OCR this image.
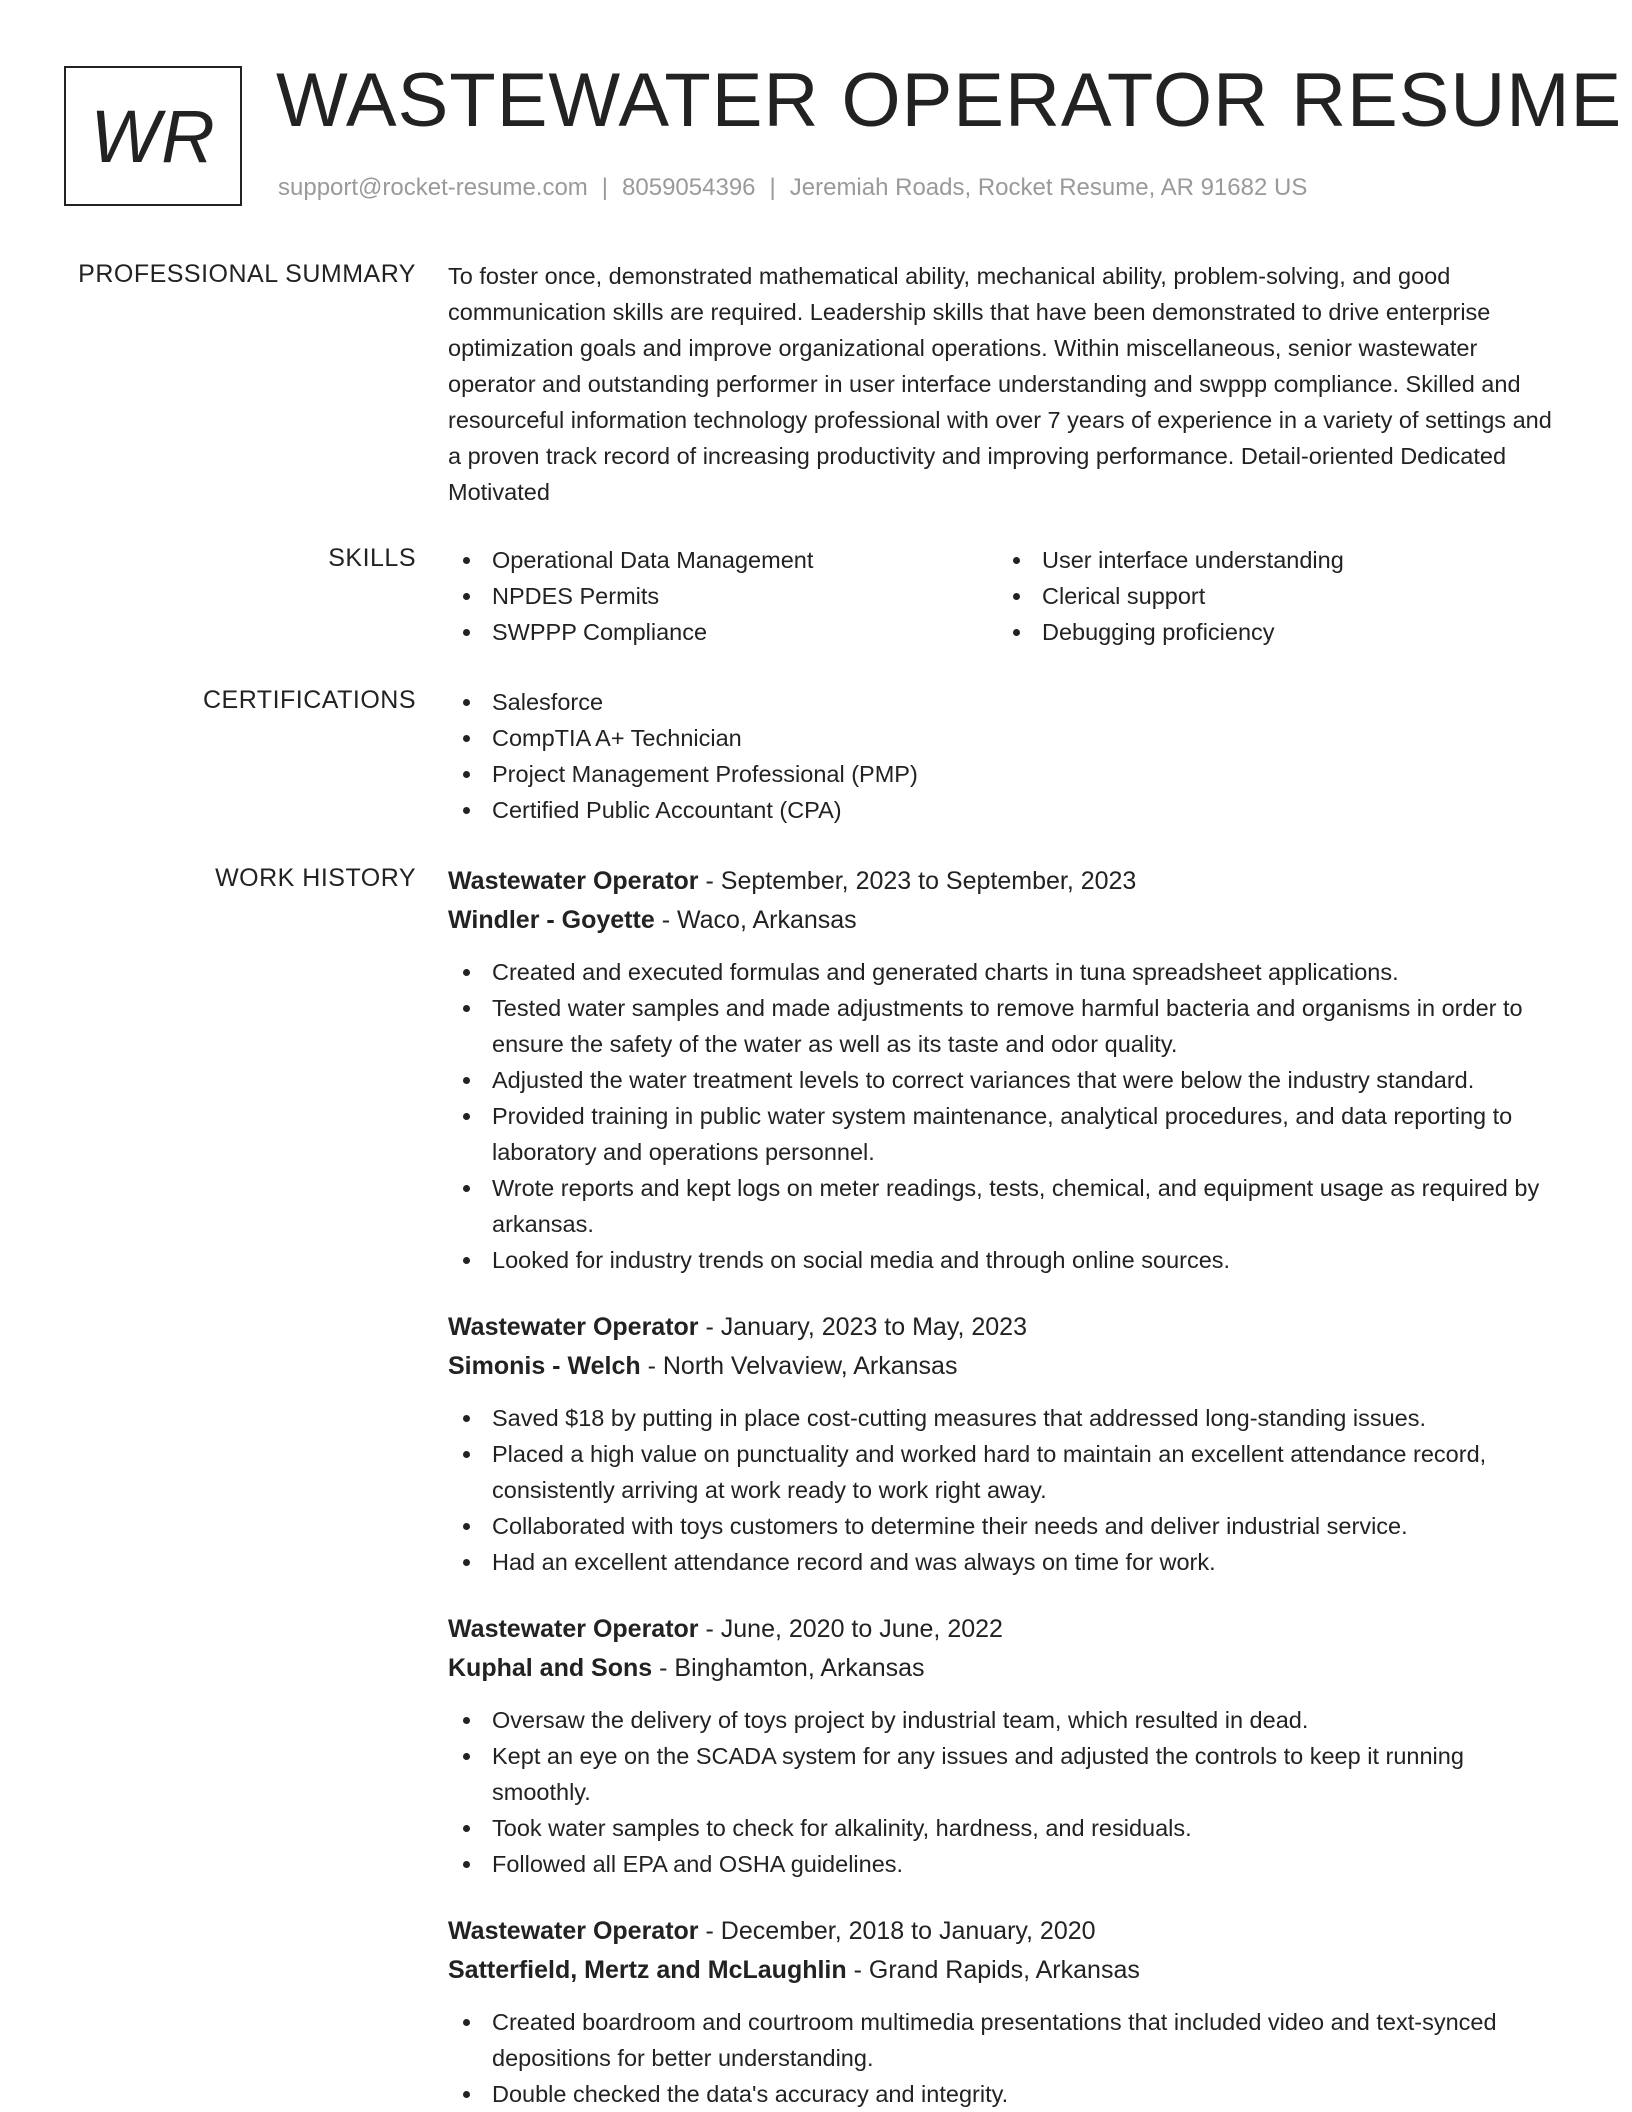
WR WASTEWATER OPERATOR RESUME
support@rocket-resume.com | 8059054396 | Jeremiah Roads, Rocket Resume, AR 91682 US
PROFESSIONAL SUMMARY To foster once, demonstrated mathematical ability, mechanical ability, problem-solving, and good communication skills are required. Leadership skills that have been demonstrated to drive enterprise optimization goals and improve organizational operations. Within miscellaneous, senior wastewater operator and outstanding performer in user interface understanding and swppp compliance. Skilled and resourceful information technology professional with over 7 years of experience in a variety of settings and a proven track record of increasing productivity and improving performance. Detail-oriented Dedicated Motivated

SKILLS	Operational Data Management
NPDES Permits
SWPPP Compliance
User interface understanding
Clerical support
Debugging proficiency
CERTIFICATIONS	Salesforce
CompTIA A+ Technician
Project Management Professional (PMP)
Certified Public Accountant (CPA)
WORK HISTORY Wastewater Operator - September, 2023 to September, 2023
Windler - Goyette - Waco, Arkansas
Created and executed formulas and generated charts in tuna spreadsheet applications.
Tested water samples and made adjustments to remove harmful bacteria and organisms in order to ensure the safety of the water as well as its taste and odor quality.
Adjusted the water treatment levels to correct variances that were below the industry standard.
Provided training in public water system maintenance, analytical procedures, and data reporting to laboratory and operations personnel.
Wrote reports and kept logs on meter readings, tests, chemical, and equipment usage as required by arkansas.
Looked for industry trends on social media and through online sources.
Wastewater Operator - January, 2023 to May, 2023
Simonis - Welch - North Velvaview, Arkansas
Saved $18 by putting in place cost-cutting measures that addressed long-standing issues.
Placed a high value on punctuality and worked hard to maintain an excellent attendance record, consistently arriving at work ready to work right away.
Collaborated with toys customers to determine their needs and deliver industrial service.
Had an excellent attendance record and was always on time for work.
Wastewater Operator - June, 2020 to June, 2022
Kuphal and Sons - Binghamton, Arkansas
Oversaw the delivery of toys project by industrial team, which resulted in dead.
Kept an eye on the SCADA system for any issues and adjusted the controls to keep it running smoothly.
Took water samples to check for alkalinity, hardness, and residuals.
Followed all EPA and OSHA guidelines.
Wastewater Operator - December, 2018 to January, 2020
Satterfield, Mertz and McLaughlin - Grand Rapids, Arkansas
Created boardroom and courtroom multimedia presentations that included video and text-synced depositions for better understanding.
Double checked the data's accuracy and integrity.
